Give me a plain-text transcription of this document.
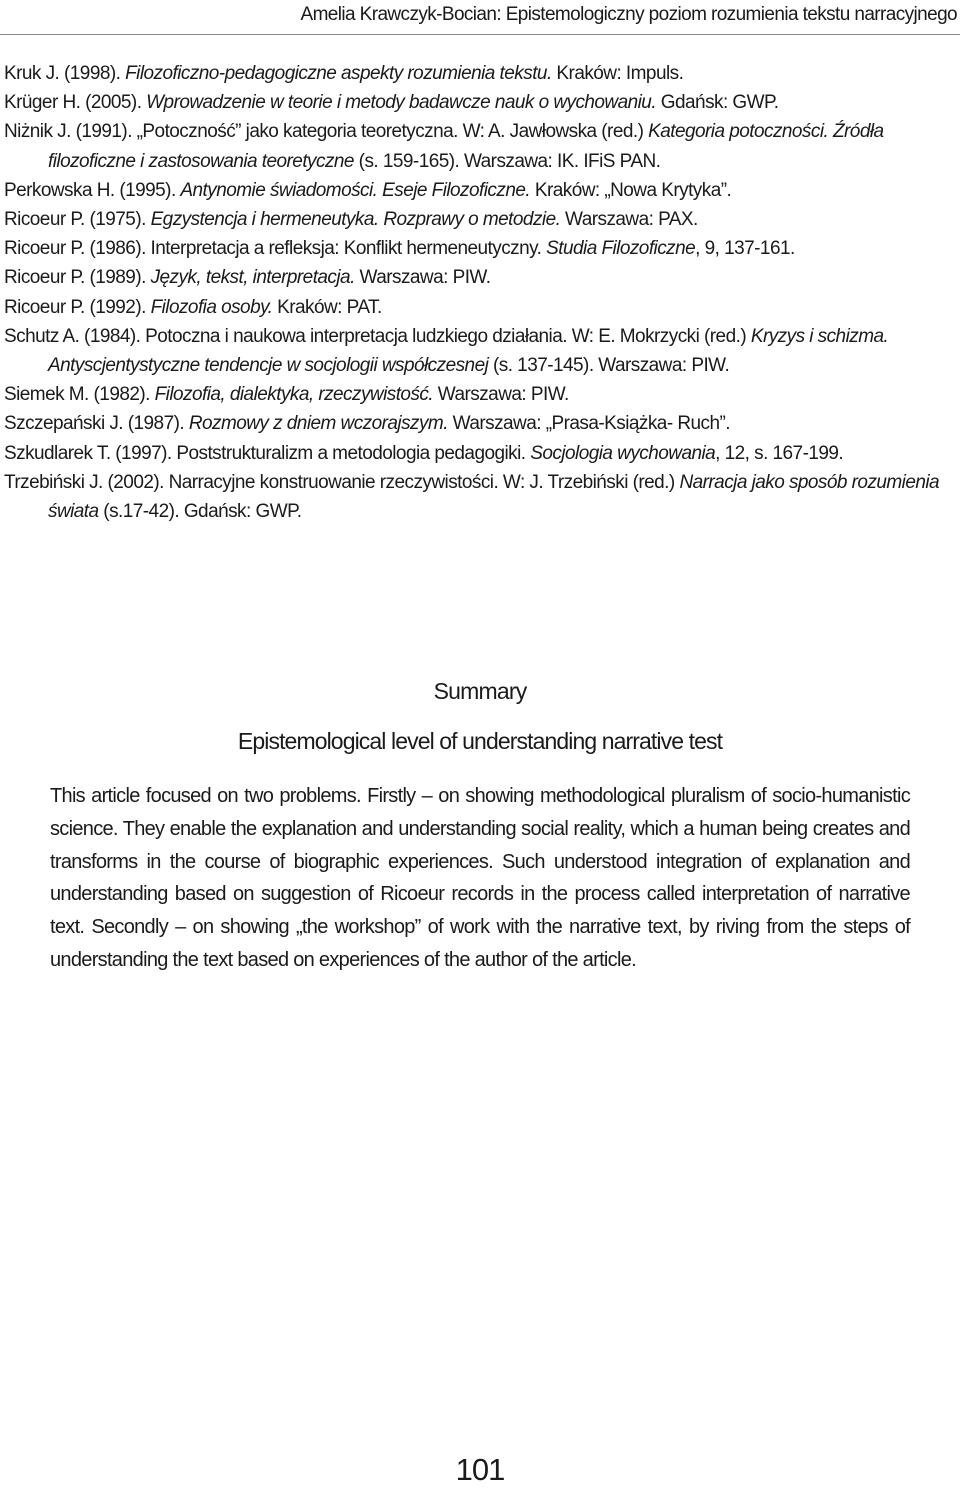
Amelia Krawczyk-Bocian: Epistemologiczny poziom rozumienia tekstu narracyjnego

Kruk J. (1998). Filozoficzno-pedagogiczne aspekty rozumienia tekstu. Kraków: Impuls.

Krüger H. (2005). Wprowadzenie w teorie i metody badawcze nauk o wychowaniu. Gdańsk: GWP.

Niżnik J. (1991). „Potoczność” jako kategoria teoretyczna. W: A. Jawłowska (red.) Kategoria potoczności. Źródła filozoficzne i zastosowania teoretyczne (s. 159-165). Warszawa: IK. IFiS PAN.

Perkowska H. (1995). Antynomie świadomości. Eseje Filozoficzne. Kraków: „Nowa Krytyka”.

Ricoeur P. (1975). Egzystencja i hermeneutyka. Rozprawy o metodzie. Warszawa: PAX.

Ricoeur P. (1986). Interpretacja a refleksja: Konflikt hermeneutyczny. Studia Filozoficzne, 9, 137-161.

Ricoeur P. (1989). Język, tekst, interpretacja. Warszawa: PIW.

Ricoeur P. (1992). Filozofia osoby. Kraków: PAT.

Schutz A. (1984). Potoczna i naukowa interpretacja ludzkiego działania. W: E. Mokrzycki (red.) Kryzys i schizma. Antyscjentystyczne tendencje w socjologii współczesnej (s. 137-145). Warszawa: PIW.

Siemek M. (1982). Filozofia, dialektyka, rzeczywistość. Warszawa: PIW.

Szczepański J. (1987). Rozmowy z dniem wczorajszym. Warszawa: „Prasa-Książka- Ruch”.

Szkudlarek T. (1997). Poststrukturalizm a metodologia pedagogiki. Socjologia wychowania, 12, s. 167-199.

Trzebiński J. (2002). Narracyjne konstruowanie rzeczywistości. W: J. Trzebiński (red.) Narracja jako sposób rozumienia świata (s.17-42). Gdańsk: GWP.

Summary
Epistemological level of understanding narrative test

This article focused on two problems. Firstly – on showing methodological pluralism of socio-humanistic science. They enable the explanation and understanding social reality, which a human being creates and transforms in the course of biographic experiences. Such understood integration of explanation and understanding based on suggestion of Ricoeur records in the process called interpretation of narrative text. Secondly – on showing „the workshop” of work with the narrative text, by riving from the steps of understanding the text based on experiences of the author of the article.

101
